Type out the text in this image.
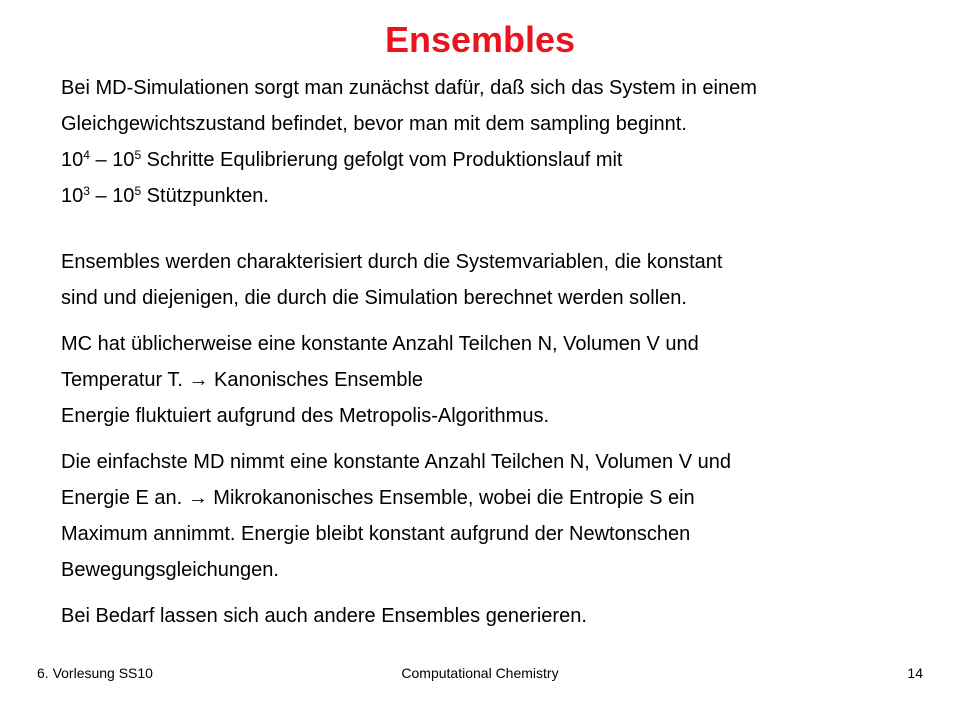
Ensembles

Bei MD-Simulationen sorgt man zunächst dafür, daß sich das System in einem

Gleichgewichtszustand befindet, bevor man mit dem sampling beginnt.

$10^4 - 10^5$ Schritte Equlibrierung gefolgt vom Produktionslauf mit

$10^3 - 10^5$ Stützpunkten.

Ensembles werden charakterisiert durch die Systemvariablen, die konstant

sind und diejenigen, die durch die Simulation berechnet werden sollen.

MC hat üblicherweise eine konstante Anzahl Teilchen N, Volumen V und

Temperatur T. → Kanonisches Ensemble

Energie fluktuiert aufgrund des Metropolis-Algorithmus.

Die einfachste MD nimmt eine konstante Anzahl Teilchen N, Volumen V und

Energie E an. → Mikrokanonisches Ensemble, wobei die Entropie S ein

Maximum annimmt. Energie bleibt konstant aufgrund der Newtonschen

Bewegungsgleichungen.

Bei Bedarf lassen sich auch andere Ensembles generieren.

6. Vorlesung SS10	Computational Chemistry	14
